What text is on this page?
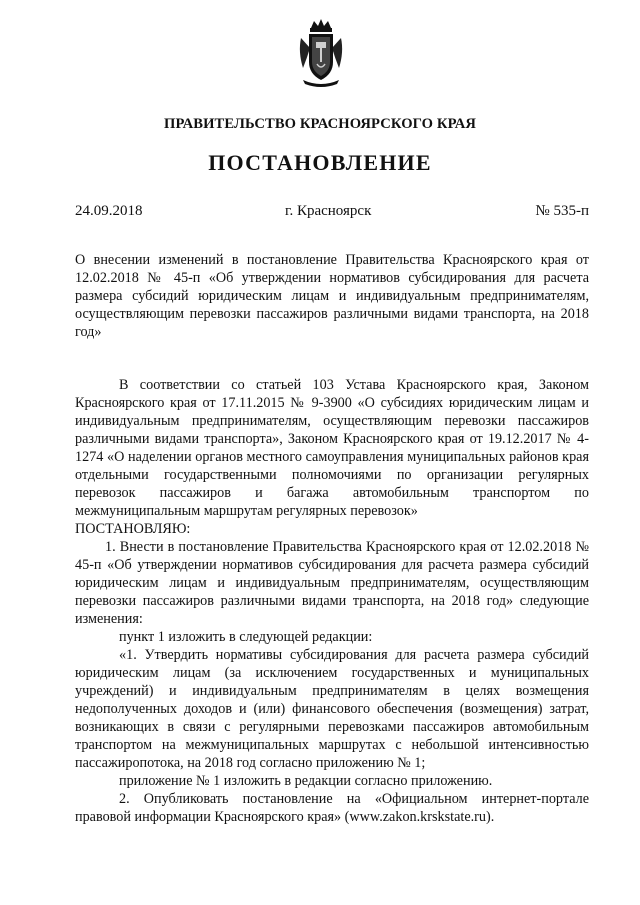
ПРАВИТЕЛЬСТВО КРАСНОЯРСКОГО КРАЯ
ПОСТАНОВЛЕНИЕ
24.09.2018	г. Красноярск	№ 535-п

О внесении изменений в постановление Правительства Красноярского края от 12.02.2018 № 45-п «Об утверждении нормативов субсидирования для расчета размера субсидий юридическим лицам и индивидуальным предпринимателям, осуществляющим перевозки пассажиров различными видами транспорта, на 2018 год»

В соответствии со статьей 103 Устава Красноярского края, Законом Красноярского края от 17.11.2015 № 9-3900 «О субсидиях юридическим лицам и индивидуальным предпринимателям, осуществляющим перевозки пассажиров различными видами транспорта», Законом Красноярского края от 19.12.2017 № 4-1274 «О наделении органов местного самоуправления муниципальных районов края отдельными государственными полномочиями по организации регулярных перевозок пассажиров и багажа автомобильным транспортом по межмуниципальным маршрутам регулярных перевозок»

ПОСТАНОВЛЯЮ:

1. Внести в постановление Правительства Красноярского края от 12.02.2018 № 45-п «Об утверждении нормативов субсидирования для расчета размера субсидий юридическим лицам и индивидуальным предпринимателям, осуществляющим перевозки пассажиров различными видами транспорта, на 2018 год» следующие изменения:

пункт 1 изложить в следующей редакции:

«1. Утвердить нормативы субсидирования для расчета размера субсидий юридическим лицам (за исключением государственных и муниципальных учреждений) и индивидуальным предпринимателям в целях возмещения недополученных доходов и (или) финансового обеспечения (возмещения) затрат, возникающих в связи с регулярными перевозками пассажиров автомобильным транспортом на межмуниципальных маршрутах с небольшой интенсивностью пассажиропотока, на 2018 год согласно приложению № 1;

приложение № 1 изложить в редакции согласно приложению.

2. Опубликовать постановление на «Официальном интернет-портале правовой информации Красноярского края» (www.zakon.krskstate.ru).
